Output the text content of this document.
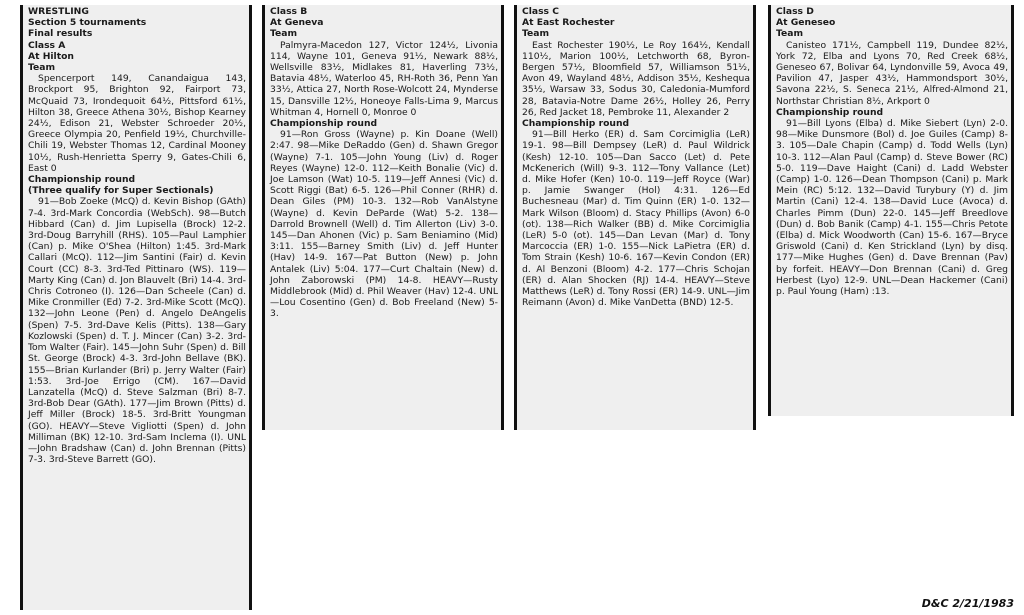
WRESTLING
Section 5 tournaments
Final results
Class A
At Hilton
Team

Spencerport 149, Canandaigua 143, Brockport 95, Brighton 92, Fairport 73, McQuaid 73, Irondequoit 64½, Pittsford 61½, Hilton 38, Greece Athena 30½, Bishop Kearney 24½, Edison 21, Webster Schroeder 20½, Greece Olympia 20, Penfield 19½, Churchville-Chili 19, Webster Thomas 12, Cardinal Mooney 10½, Rush-Henrietta Sperry 9, Gates-Chili 6, East 0

Championship round
(Three qualify for Super Sectionals)

91—Bob Zoeke (McQ) d. Kevin Bishop (GAth) 7-4. 3rd-Mark Concordia (WebSch). 98—Butch Hibbard (Can) d. Jim Lupisella (Brock) 12-2. 3rd-Doug Barryhill (RHS). 105—Paul Lamphier (Can) p. Mike O'Shea (Hilton) 1:45. 3rd-Mark Callari (McQ). 112—Jim Santini (Fair) d. Kevin Court (CC) 8-3. 3rd-Ted Pittinaro (WS). 119—Marty King (Can) d. Jon Blauvelt (Bri) 14-4. 3rd-Chris Cotroneo (I). 126—Dan Scheele (Can) d. Mike Cronmiller (Ed) 7-2. 3rd-Mike Scott (McQ). 132—John Leone (Pen) d. Angelo DeAngelis (Spen) 7-5. 3rd-Dave Kelis (Pitts). 138—Gary Kozlowski (Spen) d. T. J. Mincer (Can) 3-2. 3rd-Tom Walter (Fair). 145—John Suhr (Spen) d. Bill St. George (Brock) 4-3. 3rd-John Bellave (BK). 155—Brian Kurlander (Bri) p. Jerry Walter (Fair) 1:53. 3rd-Joe Errigo (CM). 167—David Lanzatella (McQ) d. Steve Salzman (Bri) 8-7. 3rd-Bob Dear (GAth). 177—Jim Brown (Pitts) d. Jeff Miller (Brock) 18-5. 3rd-Britt Youngman (GO). HEAVY—Steve Vigliotti (Spen) d. John Milliman (BK) 12-10. 3rd-Sam Inclema (I). UNL—John Bradshaw (Can) d. John Brennan (Pitts) 7-3. 3rd-Steve Barrett (GO).

Class B
At Geneva
Team

Palmyra-Macedon 127, Victor 124½, Livonia 114, Wayne 101, Geneva 91½, Newark 88½, Wellsville 83½, Midlakes 81, Haverling 73½, Batavia 48½, Waterloo 45, RH-Roth 36, Penn Yan 33½, Attica 27, North Rose-Wolcott 24, Mynderse 15, Dansville 12½, Honeoye Falls-Lima 9, Marcus Whitman 4, Hornell 0, Monroe 0

Championship round

91—Ron Gross (Wayne) p. Kin Doane (Well) 2:47. 98—Mike DeRaddo (Gen) d. Shawn Gregor (Wayne) 7-1. 105—John Young (Liv) d. Roger Reyes (Wayne) 12-0. 112—Keith Bonalie (Vic) d. Joe Lamson (Wat) 10-5. 119—Jeff Annesi (Vic) d. Scott Riggi (Bat) 6-5. 126—Phil Conner (RHR) d. Dean Giles (PM) 10-3. 132—Rob VanAlstyne (Wayne) d. Kevin DeParde (Wat) 5-2. 138—Darrold Brownell (Well) d. Tim Allerton (Liv) 3-0. 145—Dan Ahonen (Vic) p. Sam Beniamino (Mid) 3:11. 155—Barney Smith (Liv) d. Jeff Hunter (Hav) 14-9. 167—Pat Button (New) p. John Antalek (Liv) 5:04. 177—Curt Chaltain (New) d. John Zaborowski (PM) 14-8. HEAVY—Rusty Middlebrook (Mid) d. Phil Weaver (Hav) 12-4. UNL—Lou Cosentino (Gen) d. Bob Freeland (New) 5-3.

Class C
At East Rochester
Team

East Rochester 190½, Le Roy 164½, Kendall 110½, Marion 100½, Letchworth 68, Byron-Bergen 57½, Bloomfield 57, Williamson 51½, Avon 49, Wayland 48½, Addison 35½, Keshequa 35½, Warsaw 33, Sodus 30, Caledonia-Mumford 28, Batavia-Notre Dame 26½, Holley 26, Perry 26, Red Jacket 18, Pembroke 11, Alexander 2

Championship round

91—Bill Herko (ER) d. Sam Corcimiglia (LeR) 19-1. 98—Bill Dempsey (LeR) d. Paul Wildrick (Kesh) 12-10. 105—Dan Sacco (Let) d. Pete McKenerich (Will) 9-3. 112—Tony Vallance (Let) d. Mike Hofer (Ken) 10-0. 119—Jeff Royce (War) p. Jamie Swanger (Hol) 4:31. 126—Ed Buchesneau (Mar) d. Tim Quinn (ER) 1-0. 132—Mark Wilson (Bloom) d. Stacy Phillips (Avon) 6-0 (ot). 138—Rich Walker (BB) d. Mike Corcimiglia (LeR) 5-0 (ot). 145—Dan Levan (Mar) d. Tony Marcoccia (ER) 1-0. 155—Nick LaPietra (ER) d. Tom Strain (Kesh) 10-6. 167—Kevin Condon (ER) d. Al Benzoni (Bloom) 4-2. 177—Chris Schojan (ER) d. Alan Shocken (RJ) 14-4. HEAVY—Steve Matthews (LeR) d. Tony Rossi (ER) 14-9. UNL—Jim Reimann (Avon) d. Mike VanDetta (BND) 12-5.

Class D
At Geneseo
Team

Canisteo 171½, Campbell 119, Dundee 82½, York 72, Elba and Lyons 70, Red Creek 68½, Geneseo 67, Bolivar 64, Lyndonville 59, Avoca 49, Pavilion 47, Jasper 43½, Hammondsport 30½, Savona 22½, S. Seneca 21½, Alfred-Almond 21, Northstar Christian 8½, Arkport 0

Championship round

91—Bill Lyons (Elba) d. Mike Siebert (Lyn) 2-0. 98—Mike Dunsmore (Bol) d. Joe Guiles (Camp) 8-3. 105—Dale Chapin (Camp) d. Todd Wells (Lyn) 10-3. 112—Alan Paul (Camp) d. Steve Bower (RC) 5-0. 119—Dave Haight (Cani) d. Ladd Webster (Camp) 1-0. 126—Dean Thompson (Cani) p. Mark Mein (RC) 5:12. 132—David Turybury (Y) d. Jim Martin (Cani) 12-4. 138—David Luce (Avoca) d. Charles Pimm (Dun) 22-0. 145—Jeff Breedlove (Dun) d. Bob Banik (Camp) 4-1. 155—Chris Petote (Elba) d. Mick Woodworth (Can) 15-6. 167—Bryce Griswold (Cani) d. Ken Strickland (Lyn) by disq. 177—Mike Hughes (Gen) d. Dave Brennan (Pav) by forfeit. HEAVY—Don Brennan (Cani) d. Greg Herbest (Lyo) 12-9. UNL—Dean Hackemer (Cani) p. Paul Young (Ham) :13.

D&C 2/21/1983
